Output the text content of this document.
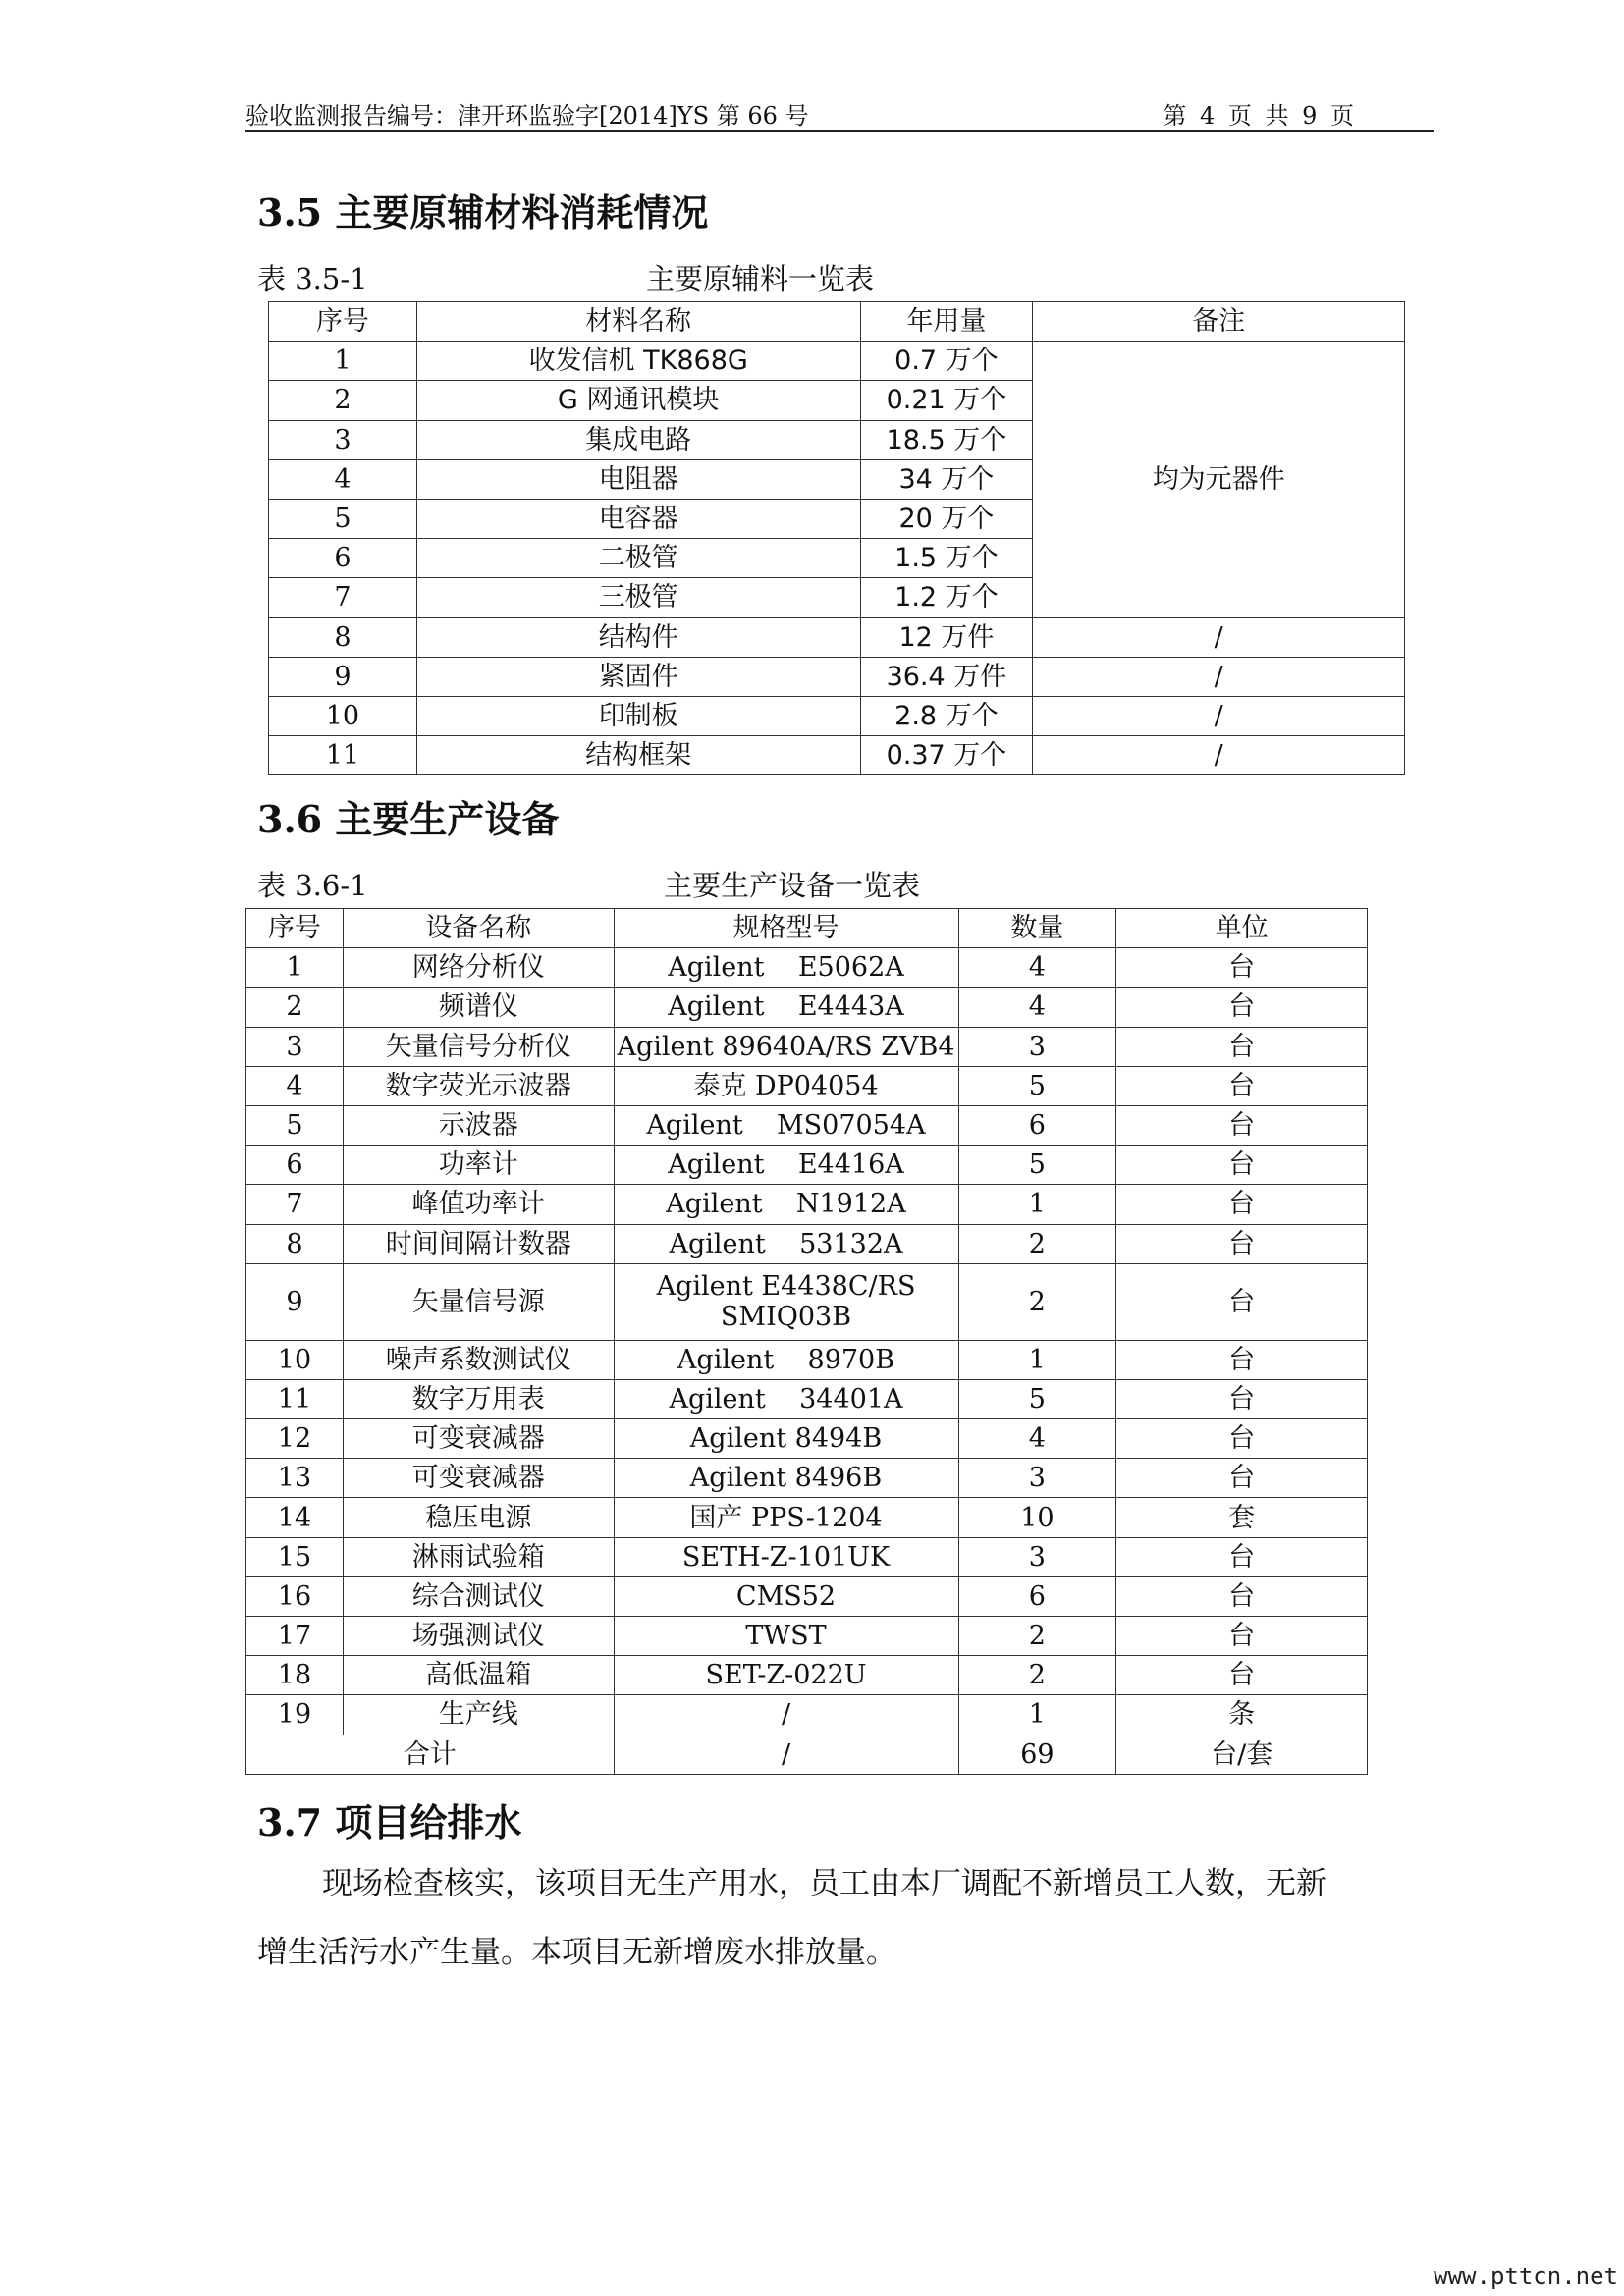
验收监测报告编号：津开环监验字[2014]YS 第 66 号	第 4 页 共 9 页
3.5 主要原辅材料消耗情况
表 3.5-1	主要原辅料一览表
序号	材料名称	年用量	备注
1	收发信机 TK868G	0.7 万个	均为元器件
2	G 网通讯模块	0.21 万个	
3	集成电路	18.5 万个	
4	电阻器	34 万个	
5	电容器	20 万个	
6	二极管	1.5 万个	
7	三极管	1.2 万个	
8	结构件	12 万件	/
9	紧固件	36.4 万件	/
10	印制板	2.8 万个	/
11	结构框架	0.37 万个	/
3.6 主要生产设备
表 3.6-1	主要生产设备一览表
序号	设备名称	规格型号	数量	单位
1	网络分析仪	Agilent    E5062A	4	台
2	频谱仪	Agilent    E4443A	4	台
3	矢量信号分析仪	Agilent 89640A/RS ZVB4	3	台
4	数字荧光示波器	泰克 DP04054	5	台
5	示波器	Agilent    MS07054A	6	台
6	功率计	Agilent    E4416A	5	台
7	峰值功率计	Agilent    N1912A	1	台
8	时间间隔计数器	Agilent    53132A	2	台
9	矢量信号源	Agilent E4438C/RS
SMIQ03B	2	台
10	噪声系数测试仪	Agilent    8970B	1	台
11	数字万用表	Agilent    34401A	5	台
12	可变衰减器	Agilent 8494B	4	台
13	可变衰减器	Agilent 8496B	3	台
14	稳压电源	国产 PPS-1204	10	套
15	淋雨试验箱	SETH-Z-101UK	3	台
16	综合测试仪	CMS52	6	台
17	场强测试仪	TWST	2	台
18	高低温箱	SET-Z-022U	2	台
19	生产线	/	1	条
合计		/	69	台/套
3.7 项目给排水
现场检查核实，该项目无生产用水，员工由本厂调配不新增员工人数，无新
增生活污水产生量。本项目无新增废水排放量。
www.pttcn.net
